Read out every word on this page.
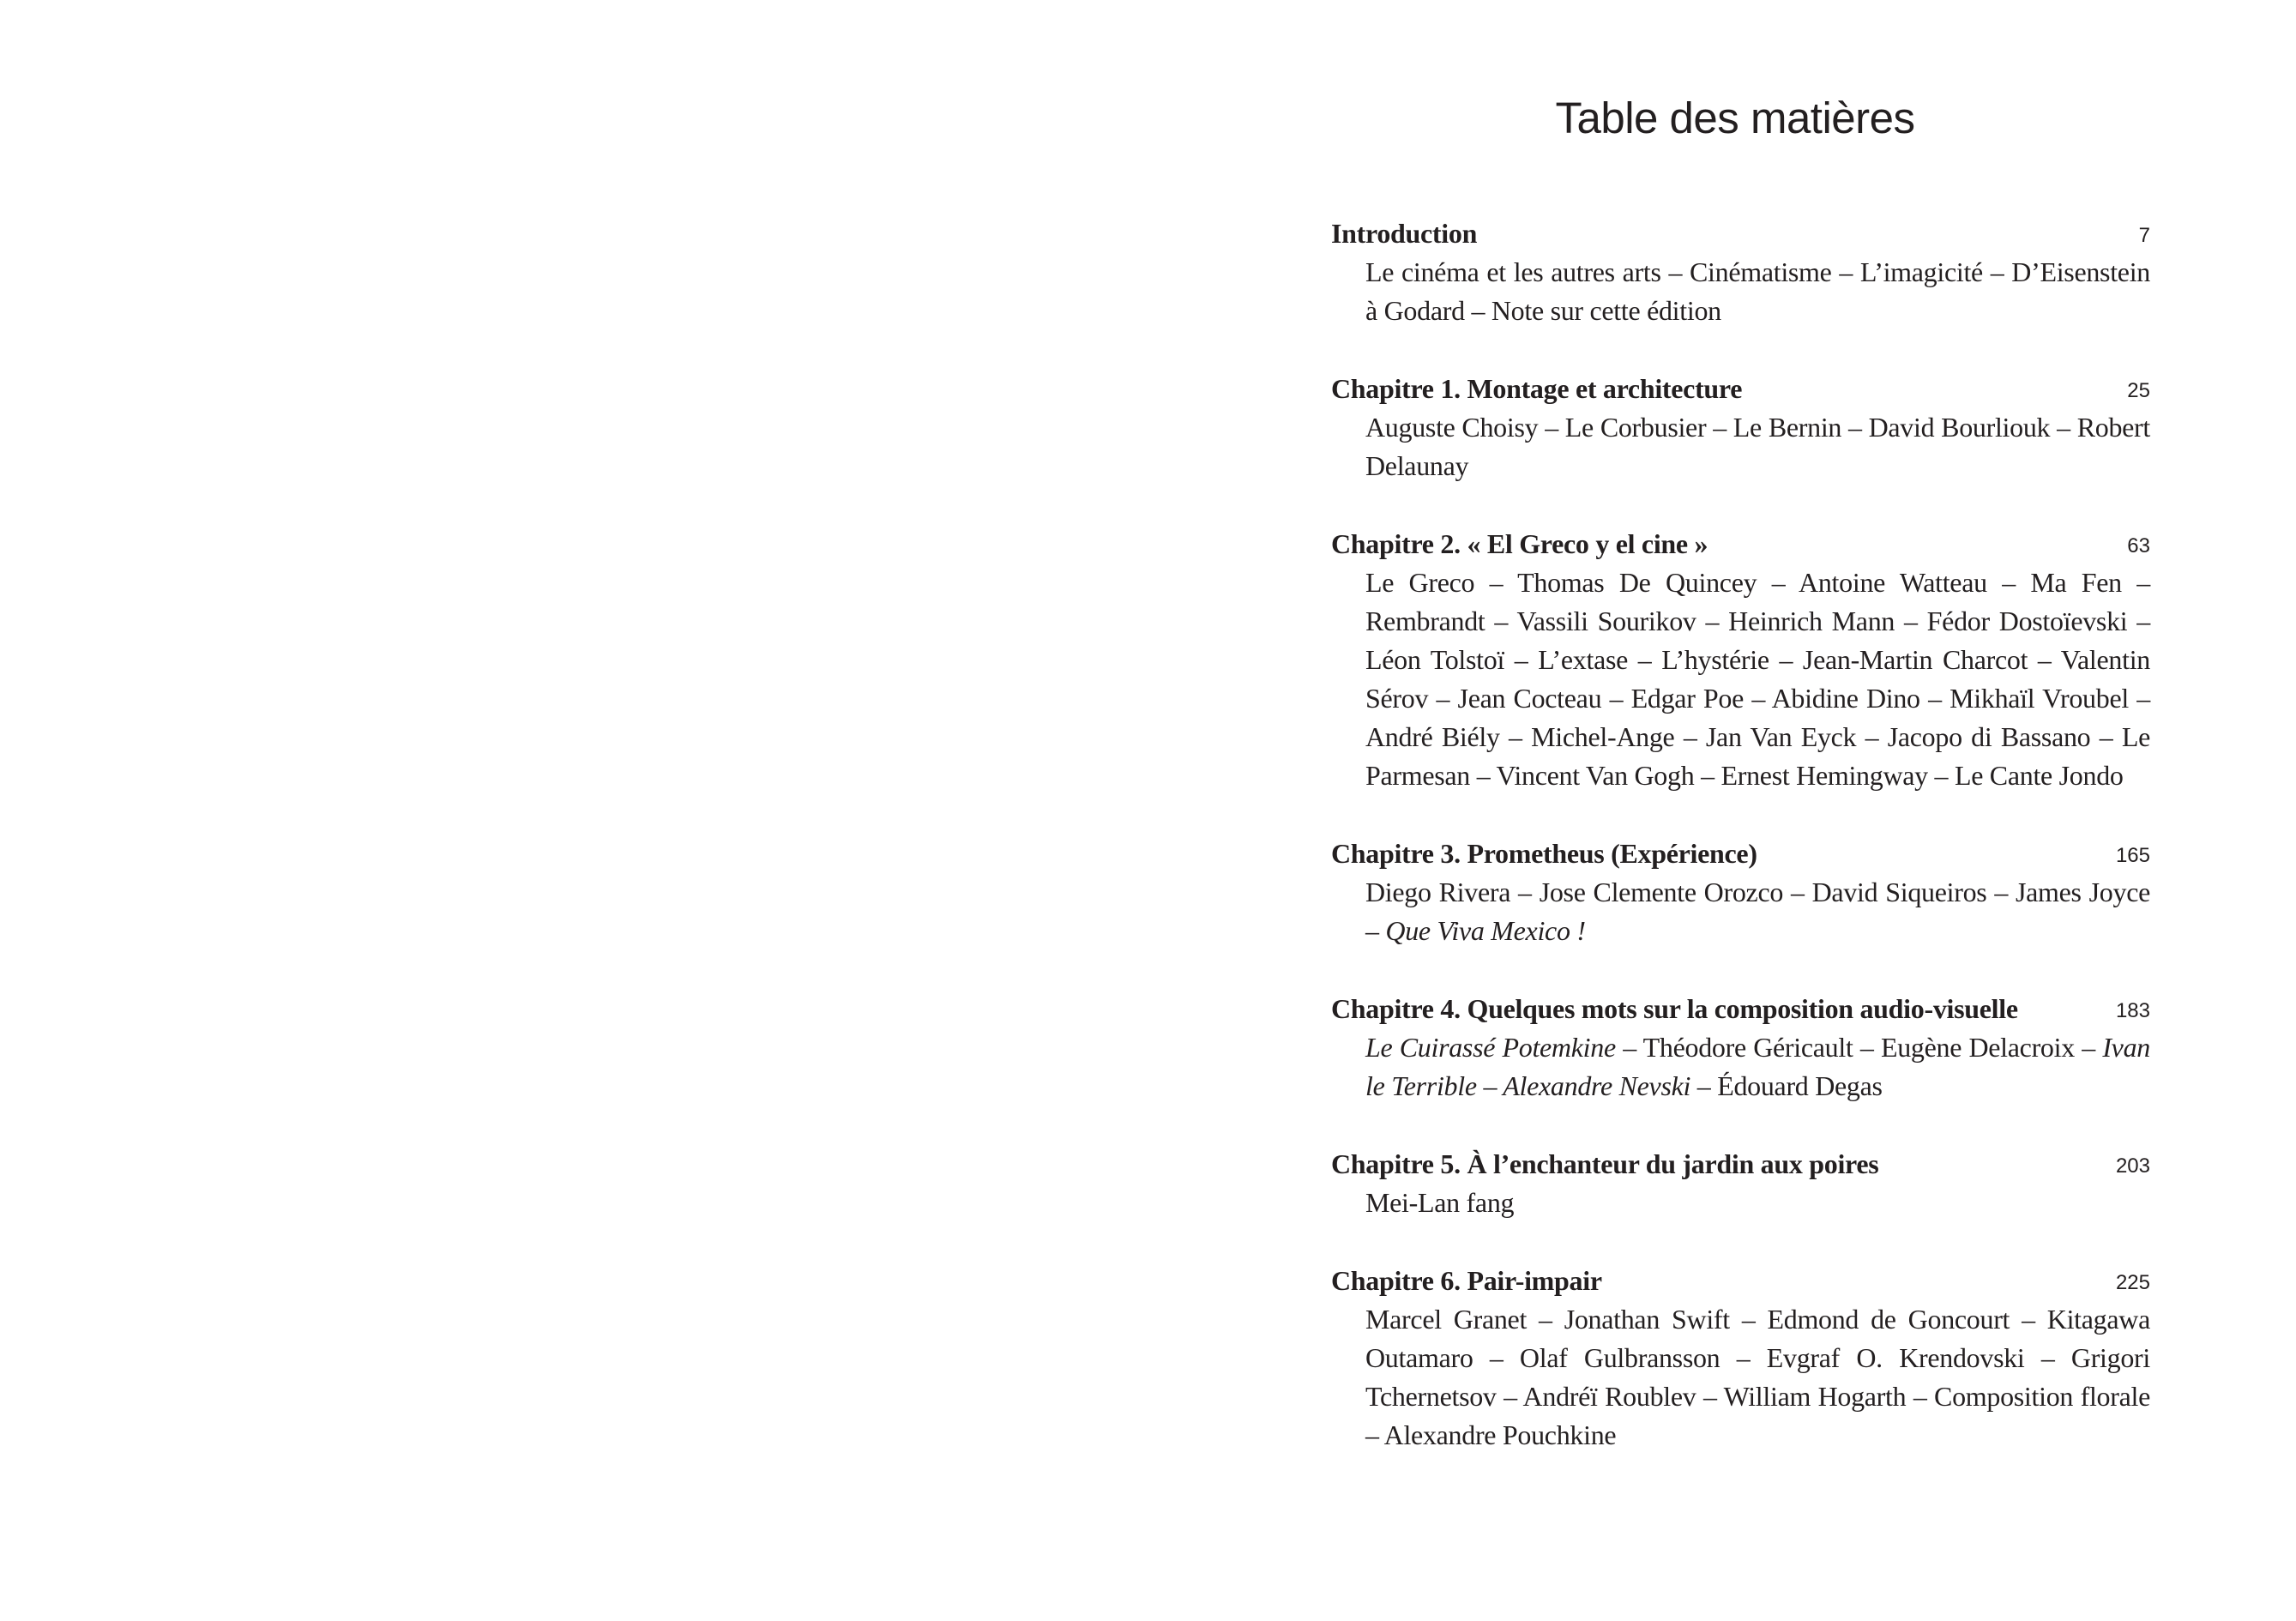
Table des matières
Introduction	7

Le cinéma et les autres arts – Cinématisme – L’imagicité – D’Eisenstein à Godard – Note sur cette édition

Chapitre 1. Montage et architecture	25

Auguste Choisy – Le Corbusier – Le Bernin – David Bourliouk – Robert Delaunay

Chapitre 2. « El Greco y el cine »	63

Le Greco – Thomas De Quincey – Antoine Watteau – Ma Fen – Rembrandt – Vassili Sourikov – Heinrich Mann – Fédor Dostoïevski – Léon Tolstoï – L’extase – L’hystérie – Jean-Martin Charcot – Valentin Sérov – Jean Cocteau – Edgar Poe – Abidine Dino – Mikhaïl Vroubel – André Biély – Michel-Ange – Jan Van Eyck – Jacopo di Bassano – Le Parmesan – Vincent Van Gogh – Ernest Hemingway – Le Cante Jondo

Chapitre 3. Prometheus (Expérience)	165

Diego Rivera – Jose Clemente Orozco – David Siqueiros – James Joyce – Que Viva Mexico !

Chapitre 4. Quelques mots sur la composition audio-visuelle	183

Le Cuirassé Potemkine – Théodore Géricault – Eugène Delacroix – Ivan le Terrible – Alexandre Nevski – Édouard Degas

Chapitre 5. À l’enchanteur du jardin aux poires	203

Mei-Lan fang

Chapitre 6. Pair-impair	225

Marcel Granet – Jonathan Swift – Edmond de Goncourt – Kitagawa Outamaro – Olaf Gulbransson – Evgraf O. Krendovski – Grigori Tchernetsov – Andréï Roublev – William Hogarth – Composition florale – Alexandre Pouchkine
